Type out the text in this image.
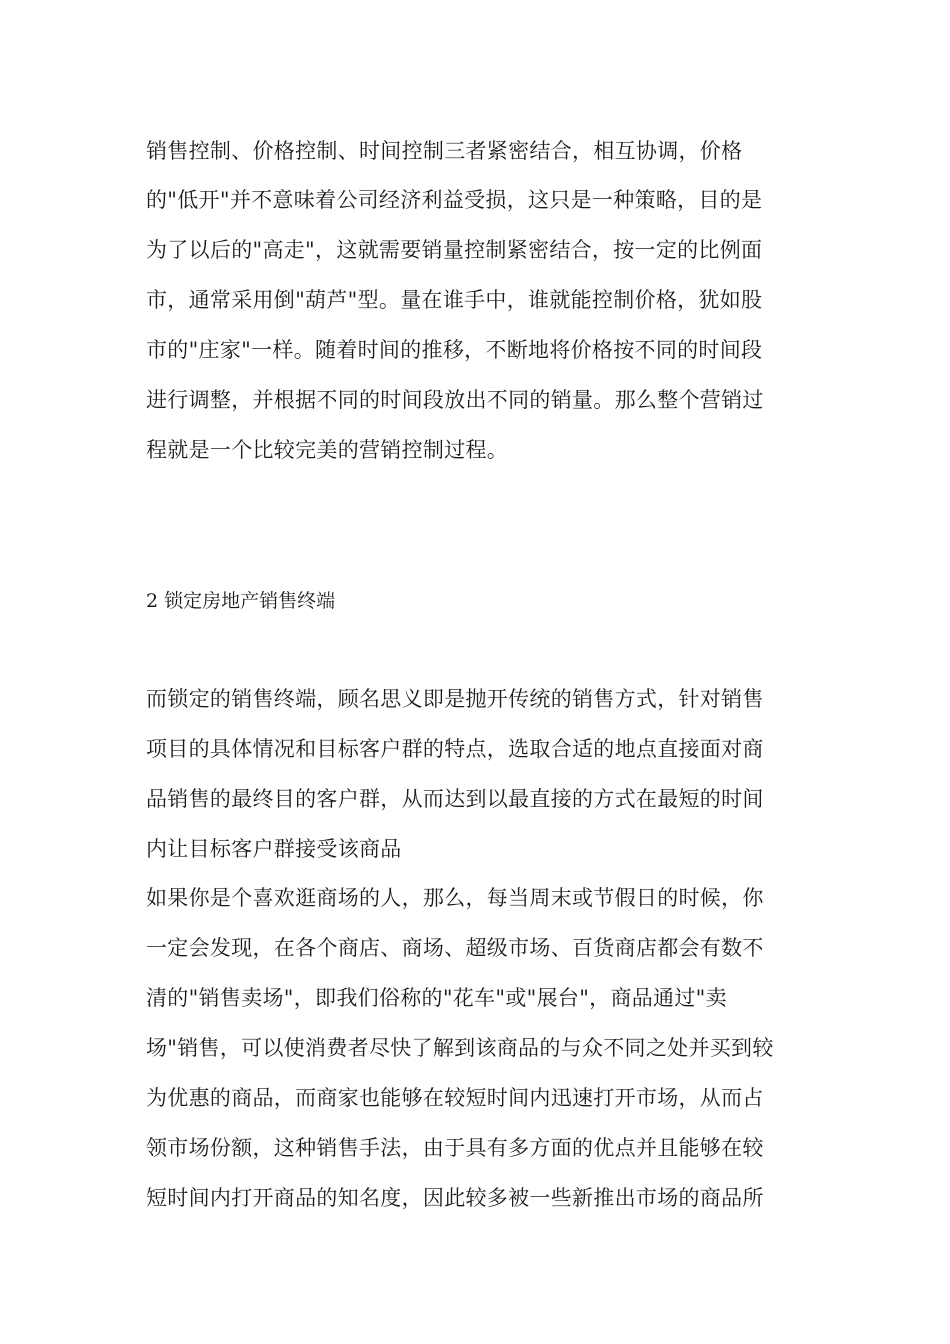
销售控制、价格控制、时间控制三者紧密结合，相互协调，价格
的"低开"并不意味着公司经济利益受损，这只是一种策略，目的是
为了以后的"高走"，这就需要销量控制紧密结合，按一定的比例面
市，通常采用倒"葫芦"型。量在谁手中，谁就能控制价格，犹如股
市的"庄家"一样。随着时间的推移，不断地将价格按不同的时间段
进行调整，并根据不同的时间段放出不同的销量。那么整个营销过
程就是一个比较完美的营销控制过程。
2 锁定房地产销售终端
而锁定的销售终端，顾名思义即是抛开传统的销售方式，针对销售
项目的具体情况和目标客户群的特点，选取合适的地点直接面对商
品销售的最终目的客户群，从而达到以最直接的方式在最短的时间
内让目标客户群接受该商品
如果你是个喜欢逛商场的人，那么，每当周末或节假日的时候，你
一定会发现，在各个商店、商场、超级市场、百货商店都会有数不
清的"销售卖场"，即我们俗称的"花车"或"展台"，商品通过"卖
场"销售，可以使消费者尽快了解到该商品的与众不同之处并买到较
为优惠的商品，而商家也能够在较短时间内迅速打开市场，从而占
领市场份额，这种销售手法，由于具有多方面的优点并且能够在较
短时间内打开商品的知名度，因此较多被一些新推出市场的商品所
